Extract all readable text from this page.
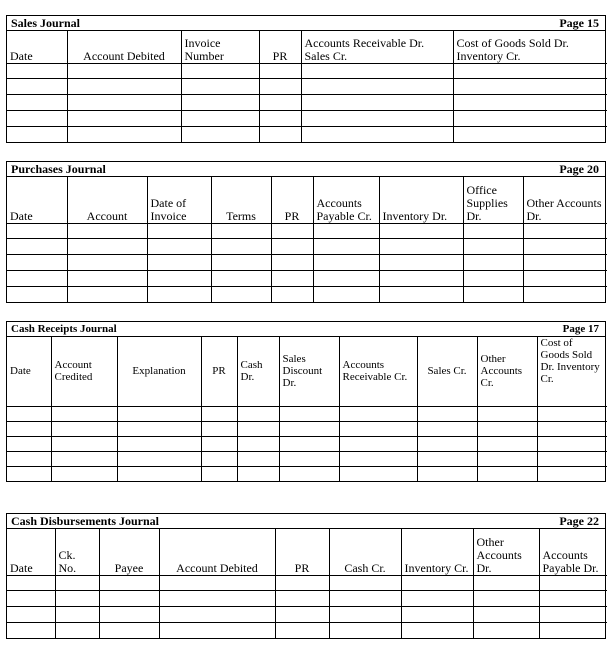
Sales Journal	Page 15
Date	Account Debited	Invoice Number	PR	Accounts Receivable Dr. Sales Cr.	Cost of Goods Sold Dr. Inventory Cr.

Purchases Journal	Page 20
Date	Account	Date of Invoice	Terms	PR	Accounts Payable Cr.	Inventory Dr.	Office Supplies Dr.	Other Accounts Dr.

Cash Receipts Journal	Page 17
Date	Account Credited	Explanation	PR	Cash Dr.	Sales Discount Dr.	Accounts Receivable Cr.	Sales Cr.	Other Accounts Cr.	Cost of Goods Sold Dr. Inventory Cr.

Cash Disbursements Journal	Page 22
Date	Ck. No.	Payee	Account Debited	PR	Cash Cr.	Inventory Cr.	Other Accounts Dr.	Accounts Payable Dr.
